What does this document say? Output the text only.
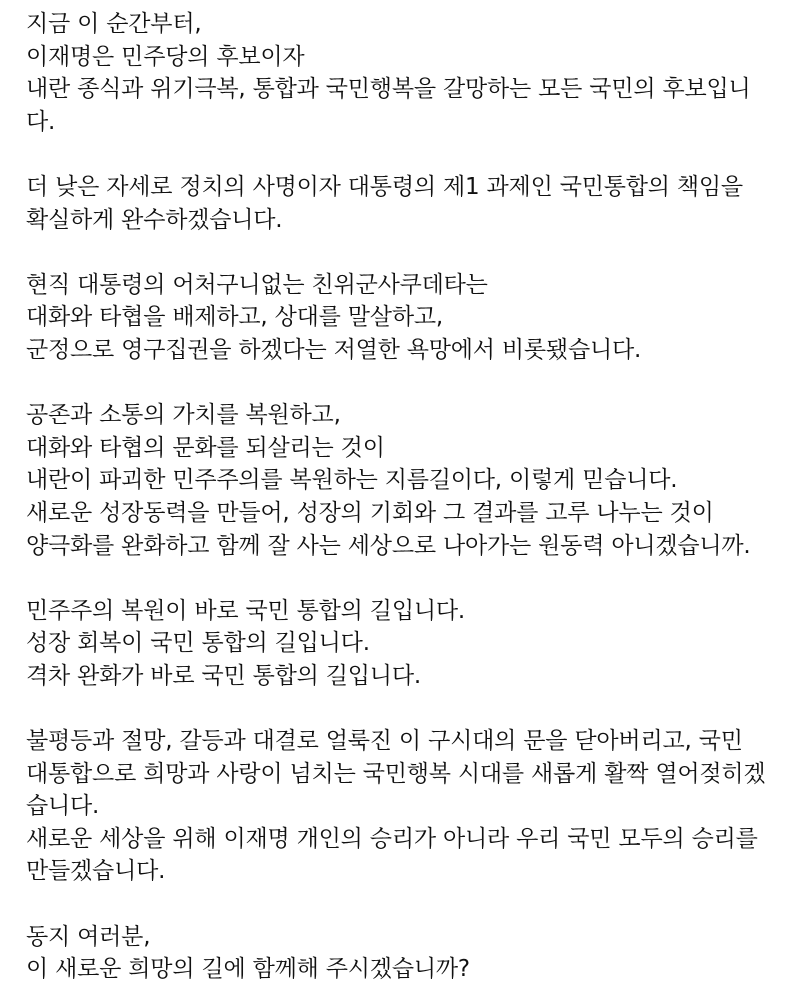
지금 이 순간부터,
이재명은 민주당의 후보이자
내란 종식과 위기극복, 통합과 국민행복을 갈망하는 모든 국민의 후보입니
다.
더 낮은 자세로 정치의 사명이자 대통령의 제1 과제인 국민통합의 책임을
확실하게 완수하겠습니다.
현직 대통령의 어처구니없는 친위군사쿠데타는
대화와 타협을 배제하고, 상대를 말살하고,
군정으로 영구집권을 하겠다는 저열한 욕망에서 비롯됐습니다.
공존과 소통의 가치를 복원하고,
대화와 타협의 문화를 되살리는 것이
내란이 파괴한 민주주의를 복원하는 지름길이다, 이렇게 믿습니다.
새로운 성장동력을 만들어, 성장의 기회와 그 결과를 고루 나누는 것이
양극화를 완화하고 함께 잘 사는 세상으로 나아가는 원동력 아니겠습니까.
민주주의 복원이 바로 국민 통합의 길입니다.
성장 회복이 국민 통합의 길입니다.
격차 완화가 바로 국민 통합의 길입니다.
불평등과 절망, 갈등과 대결로 얼룩진 이 구시대의 문을 닫아버리고, 국민
대통합으로 희망과 사랑이 넘치는 국민행복 시대를 새롭게 활짝 열어젖히겠
습니다.
새로운 세상을 위해 이재명 개인의 승리가 아니라 우리 국민 모두의 승리를
만들겠습니다.
동지 여러분,
이 새로운 희망의 길에 함께해 주시겠습니까?
